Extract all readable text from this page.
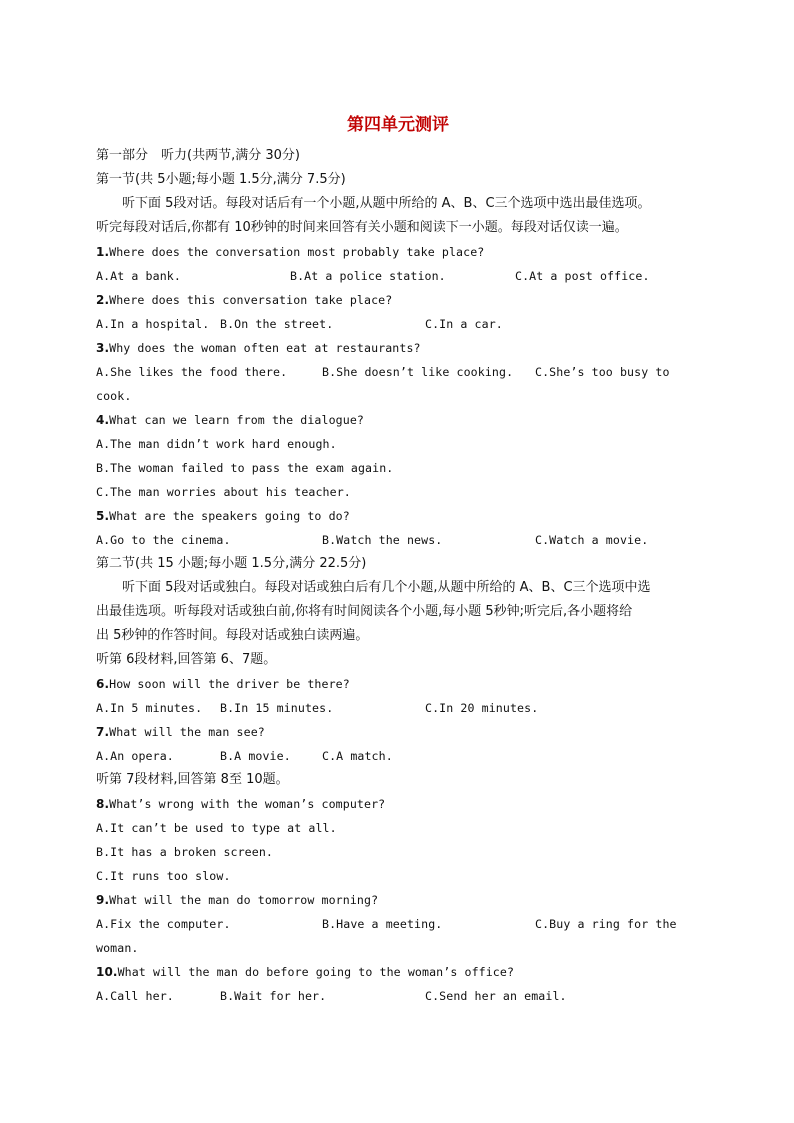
第四单元测评
第一部分　听力(共两节,满分 30分)
第一节(共 5小题;每小题 1.5分,满分 7.5分)
听下面 5段对话。每段对话后有一个小题,从题中所给的 A、B、C三个选项中选出最佳选项。
听完每段对话后,你都有 10秒钟的时间来回答有关小题和阅读下一小题。每段对话仅读一遍。
1.Where does the conversation most probably take place?
A.At a bank.	B.At a police station.	C.At a post office.
2.Where does this conversation take place?
A.In a hospital. B.On the street.	C.In a car.
3.Why does the woman often eat at restaurants?
A.She likes the food there.	B.She doesn’t like cooking. C.She’s too busy to
cook.
4.What can we learn from the dialogue?
A.The man didn’t work hard enough.
B.The woman failed to pass the exam again.
C.The man worries about his teacher.
5.What are the speakers going to do?
A.Go to the cinema.	B.Watch the news.	C.Watch a movie.
第二节(共 15 小题;每小题 1.5分,满分 22.5分)
听下面 5段对话或独白。每段对话或独白后有几个小题,从题中所给的 A、B、C三个选项中选
出最佳选项。听每段对话或独白前,你将有时间阅读各个小题,每小题 5秒钟;听完后,各小题将给
出 5秒钟的作答时间。每段对话或独白读两遍。
听第 6段材料,回答第 6、7题。
6.How soon will the driver be there?
A.In 5 minutes. B.In 15 minutes.	C.In 20 minutes.
7.What will the man see?
A.An opera.	B.A movie.	C.A match.
听第 7段材料,回答第 8至 10题。
8.What’s wrong with the woman’s computer?
A.It can’t be used to type at all.
B.It has a broken screen.
C.It runs too slow.
9.What will the man do tomorrow morning?
A.Fix the computer.	B.Have a meeting.	C.Buy a ring for the
woman.
10.What will the man do before going to the woman’s office?
A.Call her.	B.Wait for her.	C.Send her an email.
